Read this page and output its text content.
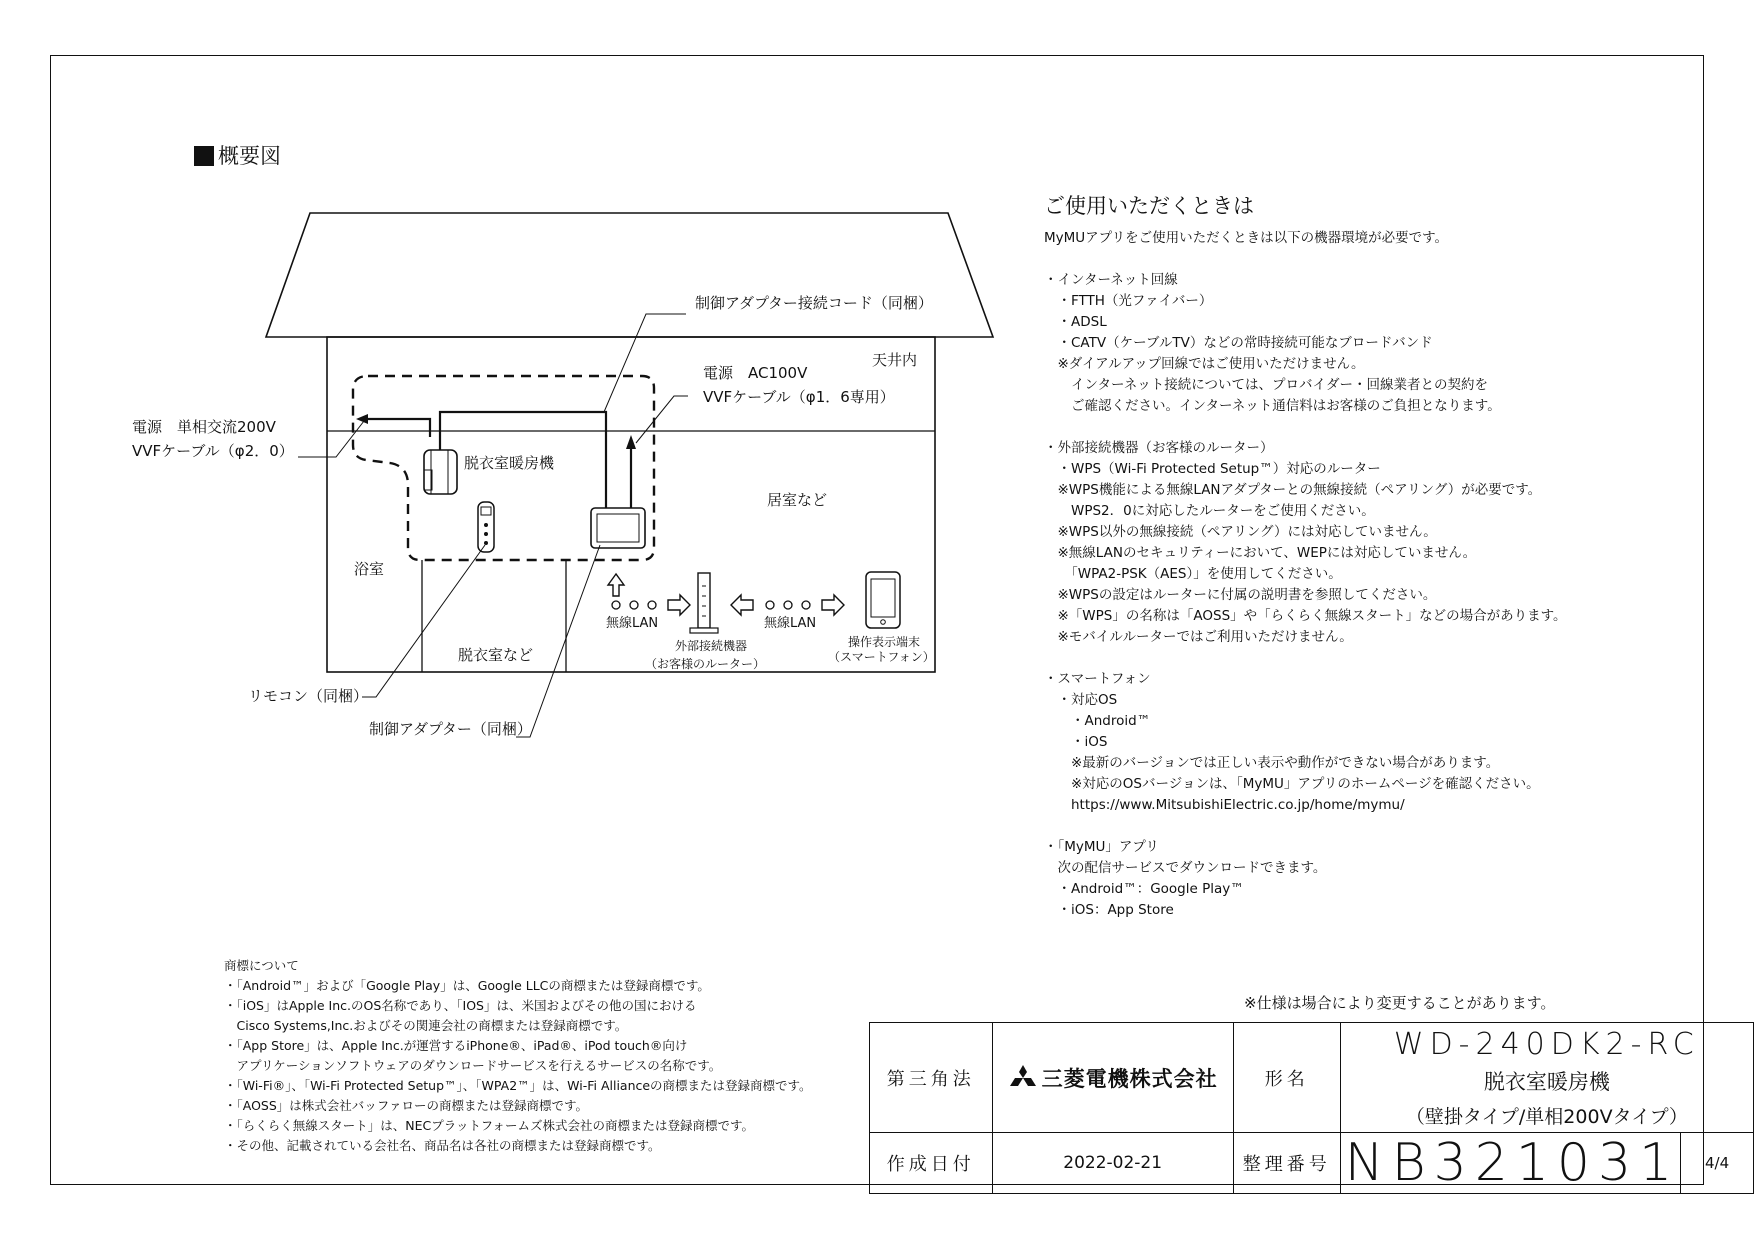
概要図
制御アダプター接続コード（同梱）
電源　AC100V
VVFケーブル（φ1．6専用）
天井内
電源　単相交流200V
VVFケーブル（φ2．0）
脱衣室暖房機
居室など
浴室
脱衣室など
無線LAN	無線LAN
外部接続機器
（お客様のルーター）
操作表示端末
（スマートフォン）
リモコン（同梱）
制御アダプター（同梱）
ご使用いただくときは
MyMUアプリをご使用いただくときは以下の機器環境が必要です。
・インターネット回線
　・FTTH（光ファイバー）
　・ADSL
　・CATV（ケーブルTV）などの常時接続可能なブロードバンド
　※ダイアルアップ回線ではご使用いただけません。
　　インターネット接続については、プロバイダー・回線業者との契約を
　　ご確認ください。インターネット通信料はお客様のご負担となります。
・外部接続機器（お客様のルーター）
　・WPS（Wi-Fi Protected Setup™）対応のルーター
　※WPS機能による無線LANアダプターとの無線接続（ペアリング）が必要です。
　　WPS2．0に対応したルーターをご使用ください。
　※WPS以外の無線接続（ペアリング）には対応していません。
　※無線LANのセキュリティーにおいて、WEPには対応していません。
　　「WPA2-PSK（AES）」を使用してください。
　※WPSの設定はルーターに付属の説明書を参照してください。
　※「WPS」の名称は「AOSS」や「らくらく無線スタート」などの場合があります。
　※モバイルルーターではご利用いただけません。
・スマートフォン
　・対応OS
　　・Android™
　　・iOS
　　※最新のバージョンでは正しい表示や動作ができない場合があります。
　　※対応のOSバージョンは、「MyMU」アプリのホームページを確認ください。
　　https://www.MitsubishiElectric.co.jp/home/mymu/
・「MyMU」アプリ
　次の配信サービスでダウンロードできます。
　・Android™：Google Play™
　・iOS：App Store
商標について
・「Android™」および「Google Play」は、Google LLCの商標または登録商標です。
・「iOS」はApple Inc.のOS名称であり、「IOS」は、米国およびその他の国における
　Cisco Systems,Inc.およびその関連会社の商標または登録商標です。
・「App Store」は、Apple Inc.が運営するiPhone®、iPad®、iPod touch®向け
　アプリケーションソフトウェアのダウンロードサービスを行えるサービスの名称です。
・「Wi-Fi®」、「Wi-Fi Protected Setup™」、「WPA2™」は、Wi-Fi Allianceの商標または登録商標です。
・「AOSS」は株式会社バッファローの商標または登録商標です。
・「らくらく無線スタート」は、NECプラットフォームズ株式会社の商標または登録商標です。
・その他、記載されている会社名、商品名は各社の商標または登録商標です。
※仕様は場合により変更することがあります。
第三角法	三菱電機株式会社	形名	WD-240DK2-RC
脱衣室暖房機
（壁掛タイプ/単相200Vタイプ）	

作成日付	2022-02-21	整理番号	NB321031	4/4
